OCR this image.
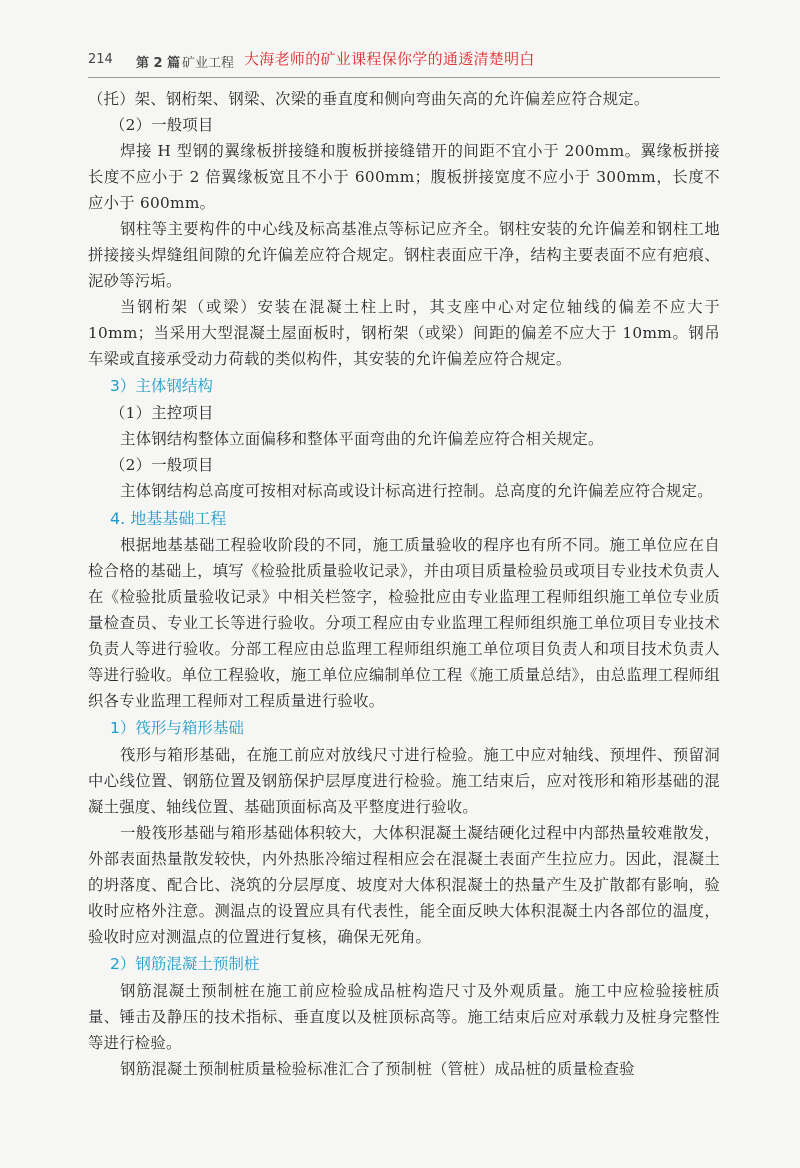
214 第 2 篇 矿业工程 大海老师的矿业课程保你学的通透清楚明白

（托）架、钢桁架、钢梁、次梁的垂直度和侧向弯曲矢高的允许偏差应符合规定。

（2）一般项目

焊接 H 型钢的翼缘板拼接缝和腹板拼接缝错开的间距不宜小于 200mm。翼缘板拼接长度不应小于 2 倍翼缘板宽且不小于 600mm；腹板拼接宽度不应小于 300mm，长度不应小于 600mm。

钢柱等主要构件的中心线及标高基准点等标记应齐全。钢柱安装的允许偏差和钢柱工地拼接接头焊缝组间隙的允许偏差应符合规定。钢柱表面应干净，结构主要表面不应有疤痕、泥砂等污垢。

当钢桁架（或梁）安装在混凝土柱上时，其支座中心对定位轴线的偏差不应大于 10mm；当采用大型混凝土屋面板时，钢桁架（或梁）间距的偏差不应大于 10mm。钢吊车梁或直接承受动力荷载的类似构件，其安装的允许偏差应符合规定。

3）主体钢结构

（1）主控项目

主体钢结构整体立面偏移和整体平面弯曲的允许偏差应符合相关规定。

（2）一般项目

主体钢结构总高度可按相对标高或设计标高进行控制。总高度的允许偏差应符合规定。

4. 地基基础工程

根据地基基础工程验收阶段的不同，施工质量验收的程序也有所不同。施工单位应在自检合格的基础上，填写《检验批质量验收记录》，并由项目质量检验员或项目专业技术负责人在《检验批质量验收记录》中相关栏签字，检验批应由专业监理工程师组织施工单位专业质量检查员、专业工长等进行验收。分项工程应由专业监理工程师组织施工单位项目专业技术负责人等进行验收。分部工程应由总监理工程师组织施工单位项目负责人和项目技术负责人等进行验收。单位工程验收，施工单位应编制单位工程《施工质量总结》，由总监理工程师组织各专业监理工程师对工程质量进行验收。

1）筏形与箱形基础

筏形与箱形基础，在施工前应对放线尺寸进行检验。施工中应对轴线、预埋件、预留洞中心线位置、钢筋位置及钢筋保护层厚度进行检验。施工结束后，应对筏形和箱形基础的混凝土强度、轴线位置、基础顶面标高及平整度进行验收。

一般筏形基础与箱形基础体积较大，大体积混凝土凝结硬化过程中内部热量较难散发，外部表面热量散发较快，内外热胀冷缩过程相应会在混凝土表面产生拉应力。因此，混凝土的坍落度、配合比、浇筑的分层厚度、坡度对大体积混凝土的热量产生及扩散都有影响，验收时应格外注意。测温点的设置应具有代表性，能全面反映大体积混凝土内各部位的温度，验收时应对测温点的位置进行复核，确保无死角。

2）钢筋混凝土预制桩

钢筋混凝土预制桩在施工前应检验成品桩构造尺寸及外观质量。施工中应检验接桩质量、锤击及静压的技术指标、垂直度以及桩顶标高等。施工结束后应对承载力及桩身完整性等进行检验。

钢筋混凝土预制桩质量检验标准汇合了预制桩（管桩）成品桩的质量检查验
